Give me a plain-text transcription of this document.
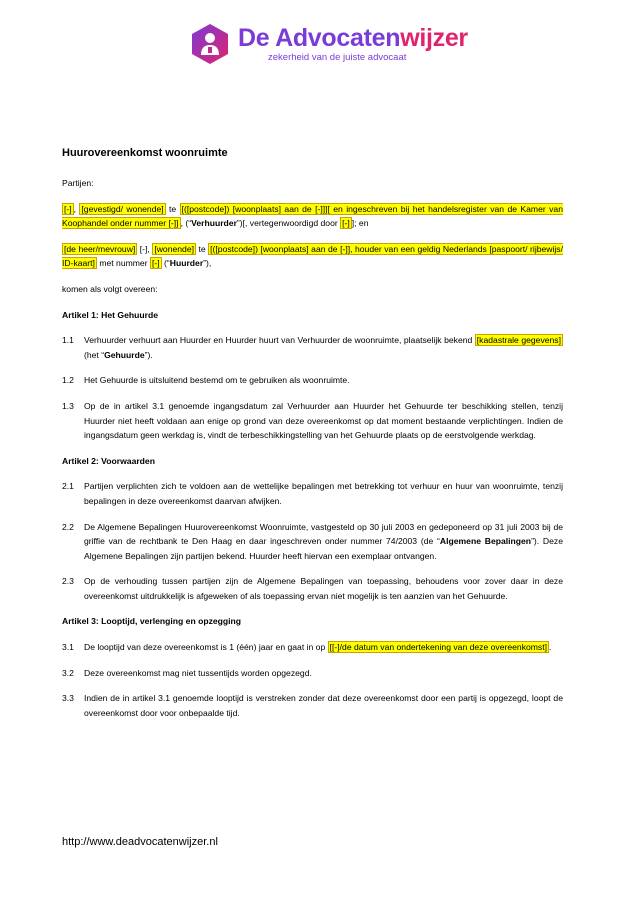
De Advocatenwijzer
zekerheid van de juiste advocaat
Huurovereenkomst woonruimte

Partijen:

[-] , [gevestigd/ wonende] te [([postcode]) [woonplaats] aan de [-]]][ en ingeschreven bij het handelsregister van de Kamer van Koophandel onder nummer [-]] , (“Verhuurder”)[, vertegenwoordigd door [-] ]; en

[de heer/mevrouw] [-], [wonende] te [([postcode]) [woonplaats] aan de [-]], houder van een geldig Nederlands [paspoort/ rijbewijs/ ID-kaart] met nummer [-] (“Huurder”),

komen als volgt overeen:

Artikel 1: Het Gehuurde
1.1	Verhuurder verhuurt aan Huurder en Huurder huurt van Verhuurder de woonruimte, plaatselijk bekend [kadastrale gegevens] (het “Gehuurde”).
1.2	Het Gehuurde is uitsluitend bestemd om te gebruiken als woonruimte.
1.3	Op de in artikel 3.1 genoemde ingangsdatum zal Verhuurder aan Huurder het Gehuurde ter beschikking stellen, tenzij Huurder niet heeft voldaan aan enige op grond van deze overeenkomst op dat moment bestaande verplichtingen. Indien de ingangsdatum geen werkdag is, vindt de terbeschikkingstelling van het Gehuurde plaats op de eerstvolgende werkdag.
Artikel 2: Voorwaarden
2.1	Partijen verplichten zich te voldoen aan de wettelijke bepalingen met betrekking tot verhuur en huur van woonruimte, tenzij bepalingen in deze overeenkomst daarvan afwijken.
2.2	De Algemene Bepalingen Huurovereenkomst Woonruimte, vastgesteld op 30 juli 2003 en gedeponeerd op 31 juli 2003 bij de griffie van de rechtbank te Den Haag en daar ingeschreven onder nummer 74/2003 (de “Algemene Bepalingen”). Deze Algemene Bepalingen zijn partijen bekend. Huurder heeft hiervan een exemplaar ontvangen.
2.3	Op de verhouding tussen partijen zijn de Algemene Bepalingen van toepassing, behoudens voor zover daar in deze overeenkomst uitdrukkelijk is afgeweken of als toepassing ervan niet mogelijk is ten aanzien van het Gehuurde.
Artikel 3: Looptijd, verlenging en opzegging
3.1	De looptijd van deze overeenkomst is 1 (één) jaar en gaat in op [[-]/de datum van ondertekening van deze overeenkomst] .
3.2	Deze overeenkomst mag niet tussentijds worden opgezegd.
3.3	Indien de in artikel 3.1 genoemde looptijd is verstreken zonder dat deze overeenkomst door een partij is opgezegd, loopt de overeenkomst door voor onbepaalde tijd.
http://www.deadvocatenwijzer.nl
